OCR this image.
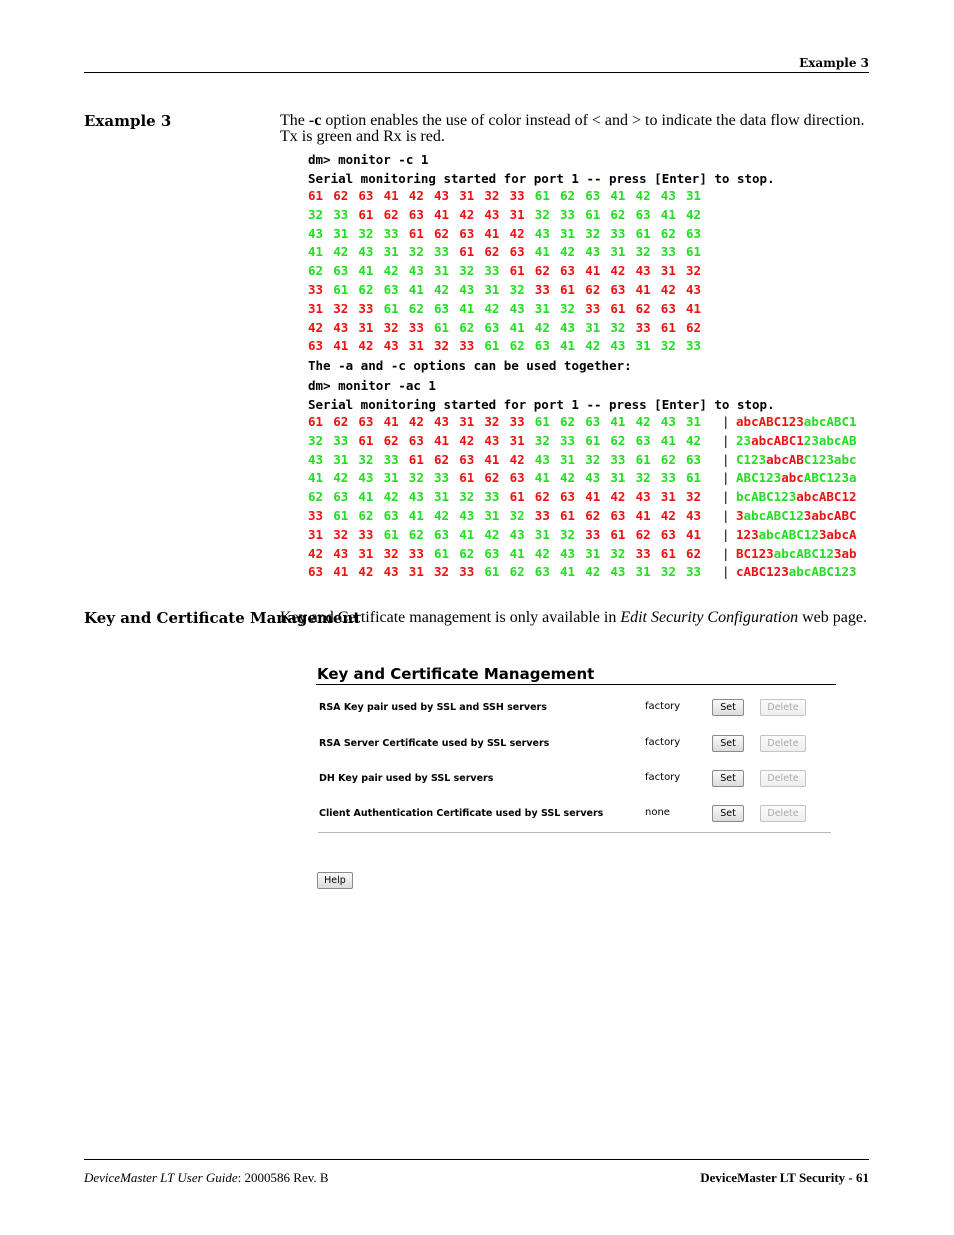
Example 3
Example 3	The -c option enables the use of color instead of < and > to indicate the data flow direction. Tx is green and Rx is red.
dm> monitor -c 1
Serial monitoring started for port 1 -- press [Enter] to stop.
61 62 63 41 42 43 31 32 33 61 62 63 41 42 43 31
32 33 61 62 63 41 42 43 31 32 33 61 62 63 41 42
43 31 32 33 61 62 63 41 42 43 31 32 33 61 62 63
41 42 43 31 32 33 61 62 63 41 42 43 31 32 33 61
62 63 41 42 43 31 32 33 61 62 63 41 42 43 31 32
33 61 62 63 41 42 43 31 32 33 61 62 63 41 42 43
31 32 33 61 62 63 41 42 43 31 32 33 61 62 63 41
42 43 31 32 33 61 62 63 41 42 43 31 32 33 61 62
63 41 42 43 31 32 33 61 62 63 41 42 43 31 32 33
The -a and -c options can be used together:
dm> monitor -ac 1
Serial monitoring started for port 1 -- press [Enter] to stop.
61 62 63 41 42 43 31 32 33 61 62 63 41 42 43 31 | abcABC123abcABC1
32 33 61 62 63 41 42 43 31 32 33 61 62 63 41 42 | 23abcABC123abcAB
43 31 32 33 61 62 63 41 42 43 31 32 33 61 62 63 | C123abcABC123abc
41 42 43 31 32 33 61 62 63 41 42 43 31 32 33 61 | ABC123abcABC123a
62 63 41 42 43 31 32 33 61 62 63 41 42 43 31 32 | bcABC123abcABC12
33 61 62 63 41 42 43 31 32 33 61 62 63 41 42 43 | 3abcABC123abcABC
31 32 33 61 62 63 41 42 43 31 32 33 61 62 63 41 | 123abcABC123abcA
42 43 31 32 33 61 62 63 41 42 43 31 32 33 61 62 | BC123abcABC123ab
63 41 42 43 31 32 33 61 62 63 41 42 43 31 32 33 | cABC123abcABC123
Key and Certificate Management
Key and Certificate management is only available in Edit Security Configuration web page.
Key and Certificate Management
RSA Key pair used by SSL and SSH servers	factory	Set	Delete
RSA Server Certificate used by SSL servers	factory	Set	Delete
DH Key pair used by SSL servers	factory	Set	Delete
Client Authentication Certificate used by SSL servers	none	Set	Delete
Help
DeviceMaster LT User Guide: 2000586 Rev. B	DeviceMaster LT Security - 61
